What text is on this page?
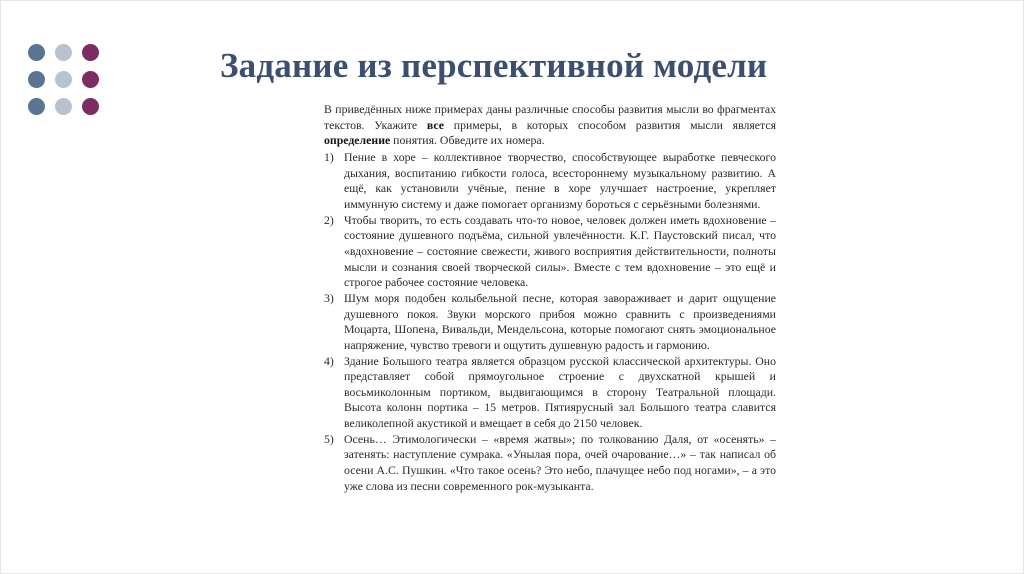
Задание из перспективной модели

В приведённых ниже примерах даны различные способы развития мысли во фрагментах текстов. Укажите все примеры, в которых способом развития мысли является определение понятия. Обведите их номера.

1) Пение в хоре – коллективное творчество, способствующее выработке певческого дыхания, воспитанию гибкости голоса, всестороннему музыкальному развитию. А ещё, как установили учёные, пение в хоре улучшает настроение, укрепляет иммунную систему и даже помогает организму бороться с серьёзными болезнями.
2) Чтобы творить, то есть создавать что-то новое, человек должен иметь вдохновение – состояние душевного подъёма, сильной увлечённости. К.Г. Паустовский писал, что «вдохновение – состояние свежести, живого восприятия действительности, полноты мысли и сознания своей творческой силы». Вместе с тем вдохновение – это ещё и строгое рабочее состояние человека.
3) Шум моря подобен колыбельной песне, которая завораживает и дарит ощущение душевного покоя. Звуки морского прибоя можно сравнить с произведениями Моцарта, Шопена, Вивальди, Мендельсона, которые помогают снять эмоциональное напряжение, чувство тревоги и ощутить душевную радость и гармонию.
4) Здание Большого театра является образцом русской классической архитектуры. Оно представляет собой прямоугольное строение с двухскатной крышей и восьмиколонным портиком, выдвигающимся в сторону Театральной площади. Высота колонн портика – 15 метров. Пятиярусный зал Большого театра славится великолепной акустикой и вмещает в себя до 2150 человек.
5) Осень… Этимологически – «время жатвы»; по толкованию Даля, от «осенять» – затенять: наступление сумрака. «Унылая пора, очей очарование…» – так написал об осени А.С. Пушкин. «Что такое осень? Это небо, плачущее небо под ногами», – а это уже слова из песни современного рок-музыканта.
